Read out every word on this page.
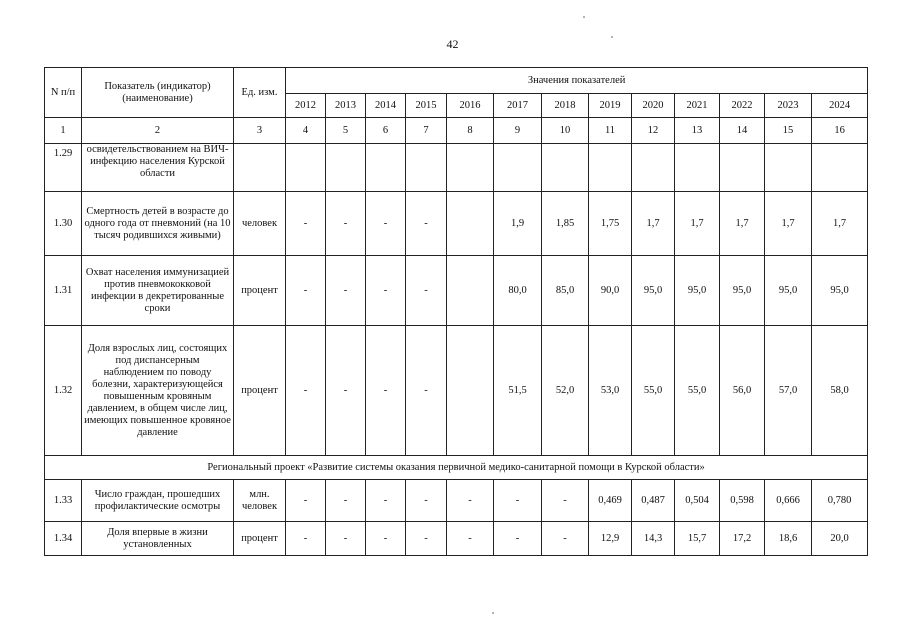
42
N п/п	Показатель (индикатор) (наименование)	Ед. изм.	Значения показателей												
			2012	2013	2014	2015	2016	2017	2018	2019	2020	2021	2022	2023	2024
1	2	3	4	5	6	7	8	9	10	11	12	13	14	15	16
1.29	освидетельствованием на ВИЧ-инфекцию населения Курской области														
1.30	Смертность детей в возрасте до одного года от пневмоний (на 10 тысяч родившихся живыми)	человек	-	-	-	-		1,9	1,85	1,75	1,7	1,7	1,7	1,7	1,7
1.31	Охват населения иммунизацией против пневмококковой инфекции в декретированные сроки	процент	-	-	-	-		80,0	85,0	90,0	95,0	95,0	95,0	95,0	95,0
1.32	Доля взрослых лиц, состоящих под диспансерным наблюдением по поводу болезни, характеризующейся повышенным кровяным давлением, в общем числе лиц, имеющих повышенное кровяное давление	процент	-	-	-	-		51,5	52,0	53,0	55,0	55,0	56,0	57,0	58,0
Региональный проект «Развитие системы оказания первичной медико-санитарной помощи в Курской области»															
1.33	Число граждан, прошедших профилактические осмотры	млн. человек	-	-	-	-	-	-	-	0,469	0,487	0,504	0,598	0,666	0,780
1.34	Доля впервые в жизни установленных	процент	-	-	-	-	-	-	-	12,9	14,3	15,7	17,2	18,6	20,0
